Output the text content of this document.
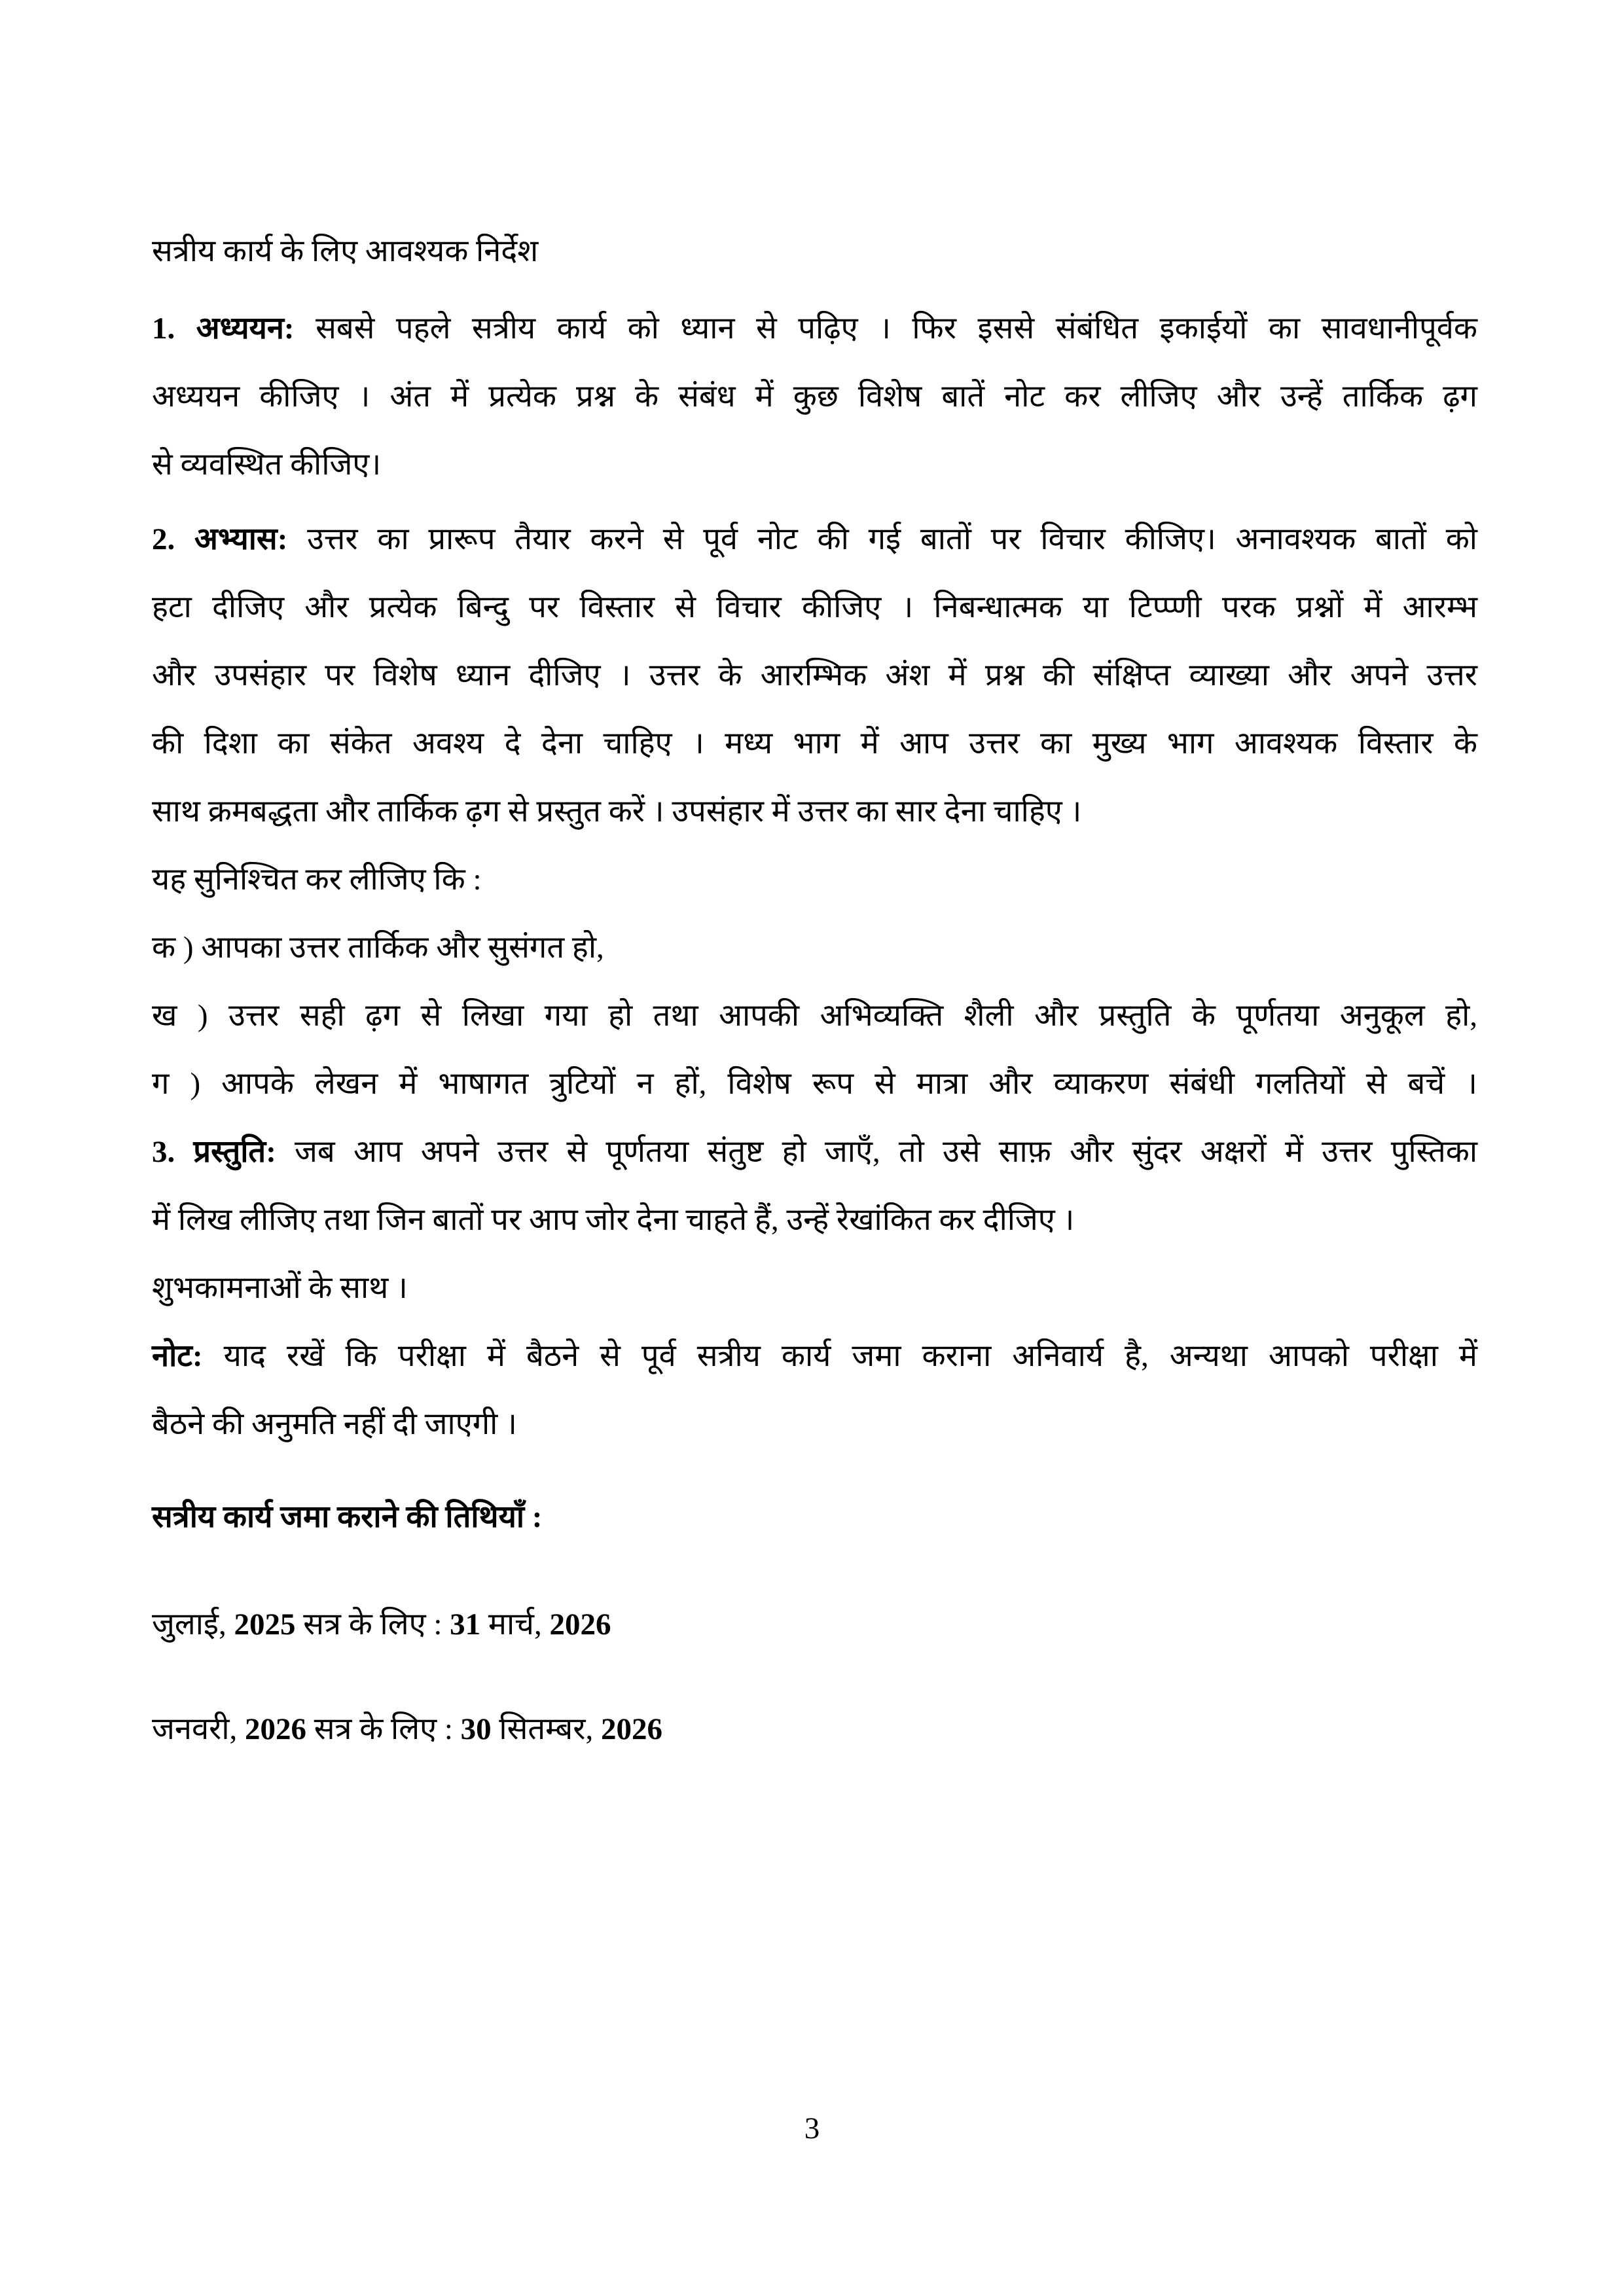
सत्रीय कार्य के लिए आवश्यक निर्देश
1. अध्ययन: सबसे पहले सत्रीय कार्य को ध्यान से पढ़िए । फिर इससे संबंधित इकाईयों का सावधानीपूर्वक
अध्ययन कीजिए । अंत में प्रत्येक प्रश्न के संबंध में कुछ विशेष बातें नोट कर लीजिए और उन्हें तार्किक ढ़ग
से व्यवस्थित कीजिए।
2. अभ्यास: उत्तर का प्रारूप तैयार करने से पूर्व नोट की गई बातों पर विचार कीजिए। अनावश्यक बातों को
हटा दीजिए और प्रत्येक बिन्दु पर विस्तार से विचार कीजिए । निबन्धात्मक या टिप्प्णी परक प्रश्नों में आरम्भ
और उपसंहार पर विशेष ध्यान दीजिए । उत्तर के आरम्भिक अंश में प्रश्न की संक्षिप्त व्याख्या और अपने उत्तर
की दिशा का संकेत अवश्य दे देना चाहिए । मध्य भाग में आप उत्तर का मुख्य भाग आवश्यक विस्तार के
साथ क्रमबद्धता और तार्किक ढ़ग से प्रस्तुत करें । उपसंहार में उत्तर का सार देना चाहिए ।
यह सुनिश्चित कर लीजिए कि :
क ) आपका उत्तर तार्किक और सुसंगत हो,
ख ) उत्तर सही ढ़ग से लिखा गया हो तथा आपकी अभिव्यक्ति शैली और प्रस्तुति के पूर्णतया अनुकूल हो,
ग ) आपके लेखन में भाषागत त्रुटियों न हों, विशेष रूप से मात्रा और व्याकरण संबंधी गलतियों से बचें ।
3. प्रस्तुति: जब आप अपने उत्तर से पूर्णतया संतुष्ट हो जाएँ, तो उसे साफ़ और सुंदर अक्षरों में उत्तर पुस्तिका
में लिख लीजिए तथा जिन बातों पर आप जोर देना चाहते हैं, उन्हें रेखांकित कर दीजिए ।
शुभकामनाओं के साथ ।
नोट: याद रखें कि परीक्षा में बैठने से पूर्व सत्रीय कार्य जमा कराना अनिवार्य है, अन्यथा आपको परीक्षा में
बैठने की अनुमति नहीं दी जाएगी ।
सत्रीय कार्य जमा कराने की तिथियाँ :
जुलाई, 2025 सत्र के लिए : 31 मार्च, 2026
जनवरी, 2026 सत्र के लिए : 30 सितम्बर, 2026
3
